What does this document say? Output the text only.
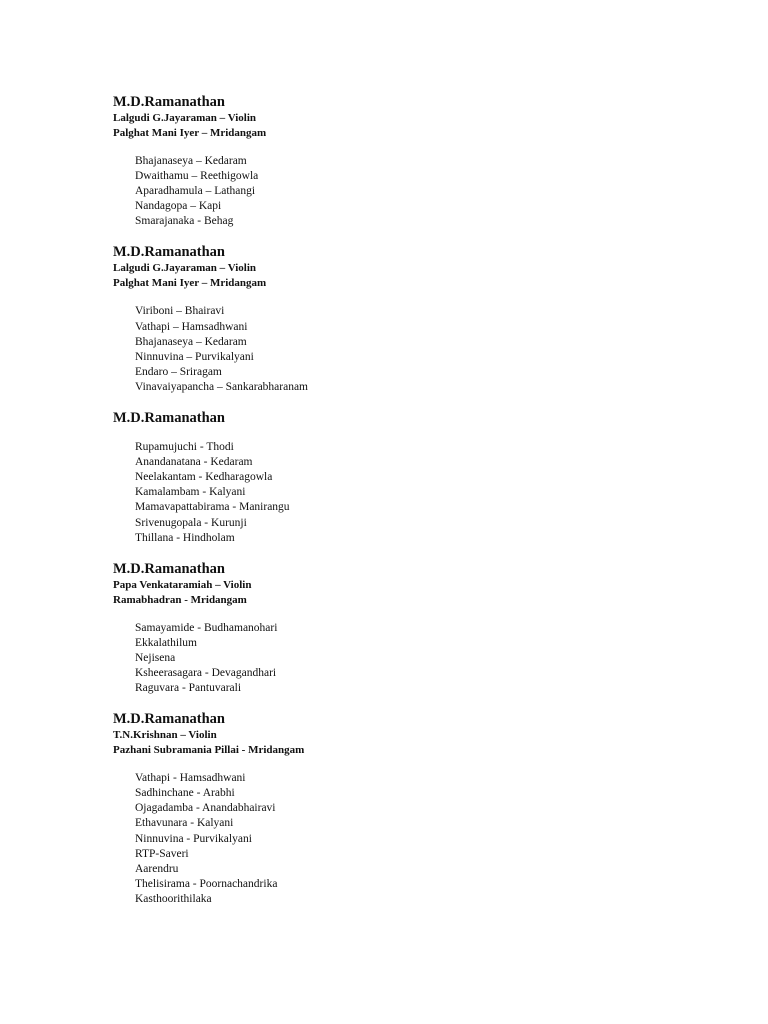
M.D.Ramanathan
Lalgudi G.Jayaraman – Violin
Palghat Mani Iyer – Mridangam
Bhajanaseya – Kedaram
Dwaithamu – Reethigowla
Aparadhamula – Lathangi
Nandagopa – Kapi
Smarajanaka - Behag
M.D.Ramanathan
Lalgudi G.Jayaraman – Violin
Palghat Mani Iyer – Mridangam
Viriboni – Bhairavi
Vathapi – Hamsadhwani
Bhajanaseya – Kedaram
Ninnuvina – Purvikalyani
Endaro – Sriragam
Vinavaiyapancha – Sankarabharanam
M.D.Ramanathan
Rupamujuchi - Thodi
Anandanatana - Kedaram
Neelakantam - Kedharagowla
Kamalambam - Kalyani
Mamavapattabirama - Manirangu
Srivenugopala - Kurunji
Thillana - Hindholam
M.D.Ramanathan
Papa Venkataramiah – Violin
Ramabhadran - Mridangam
Samayamide - Budhamanohari
Ekkalathilum
Nejisena
Ksheerasagara - Devagandhari
Raguvara - Pantuvarali
M.D.Ramanathan
T.N.Krishnan – Violin
Pazhani Subramania Pillai - Mridangam
Vathapi - Hamsadhwani
Sadhinchane - Arabhi
Ojagadamba - Anandabhairavi
Ethavunara - Kalyani
Ninnuvina - Purvikalyani
RTP-Saveri
Aarendru
Thelisirama - Poornachandrika
Kasthoorithilaka
